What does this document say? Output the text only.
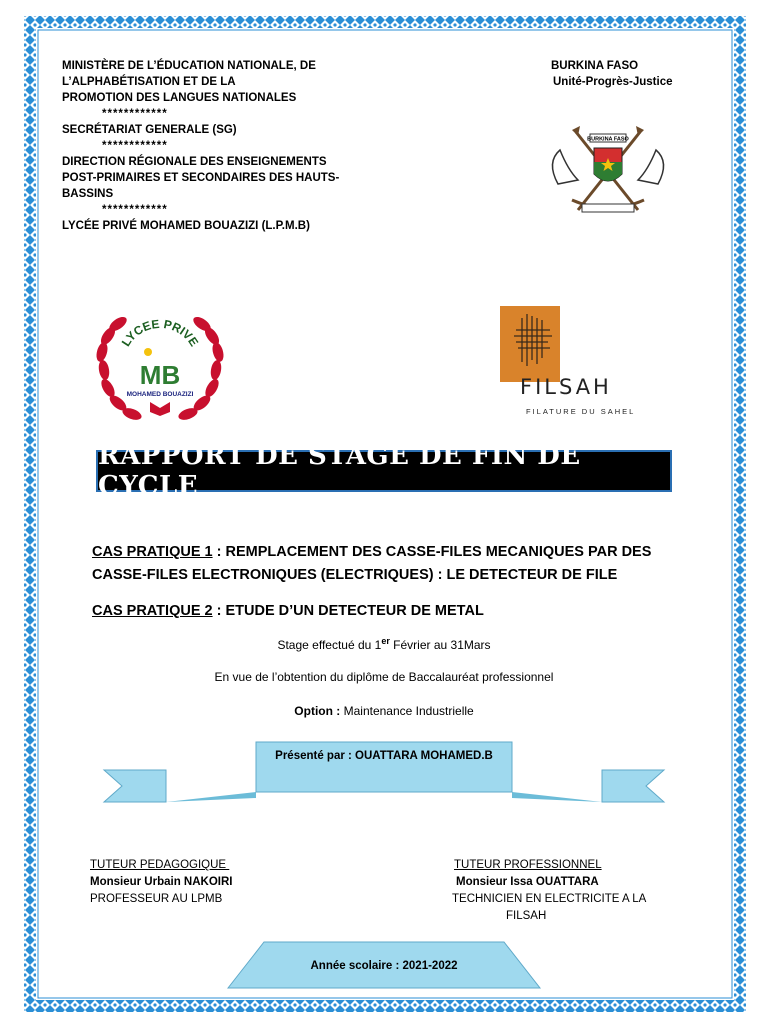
MINISTÈRE DE L’ÉDUCATION NATIONALE, DE
L’ALPHABÉTISATION ET DE LA
PROMOTION DES LANGUES NATIONALES
************
SECRÉTARIAT GENERALE (SG)
************
DIRECTION RÉGIONALE DES ENSEIGNEMENTS
POST-PRIMAIRES ET SECONDAIRES DES HAUTS-
BASSINS
************
LYCÉE PRIVÉ MOHAMED BOUAZIZI (L.P.M.B)
BURKINA FASO
Unité-Progrès-Justice
BURKINA FASO
LYCEE PRIVE
MB
MOHAMED BOUAZIZI	FILSAH
FILATURE DU SAHEL
RAPPORT DE STAGE DE FIN DE CYCLE
CAS PRATIQUE 1 : REMPLACEMENT DES CASSE-FILES MECANIQUES PAR DES
CASSE-FILES ELECTRONIQUES (ELECTRIQUES) : LE DETECTEUR DE FILE
CAS PRATIQUE 2 : ETUDE D’UN DETECTEUR DE METAL
Stage effectué du 1er Février au 31Mars
En vue de l’obtention du diplôme de Baccalauréat professionnel
Option : Maintenance Industrielle
Présenté par : OUATTARA MOHAMED.B
TUTEUR PEDAGOGIQUE
Monsieur Urbain NAKOIRI
PROFESSEUR AU LPMB
TUTEUR PROFESSIONNEL
Monsieur Issa OUATTARA
TECHNICIEN EN ELECTRICITE A LA
FILSAH
Année scolaire : 2021-2022
